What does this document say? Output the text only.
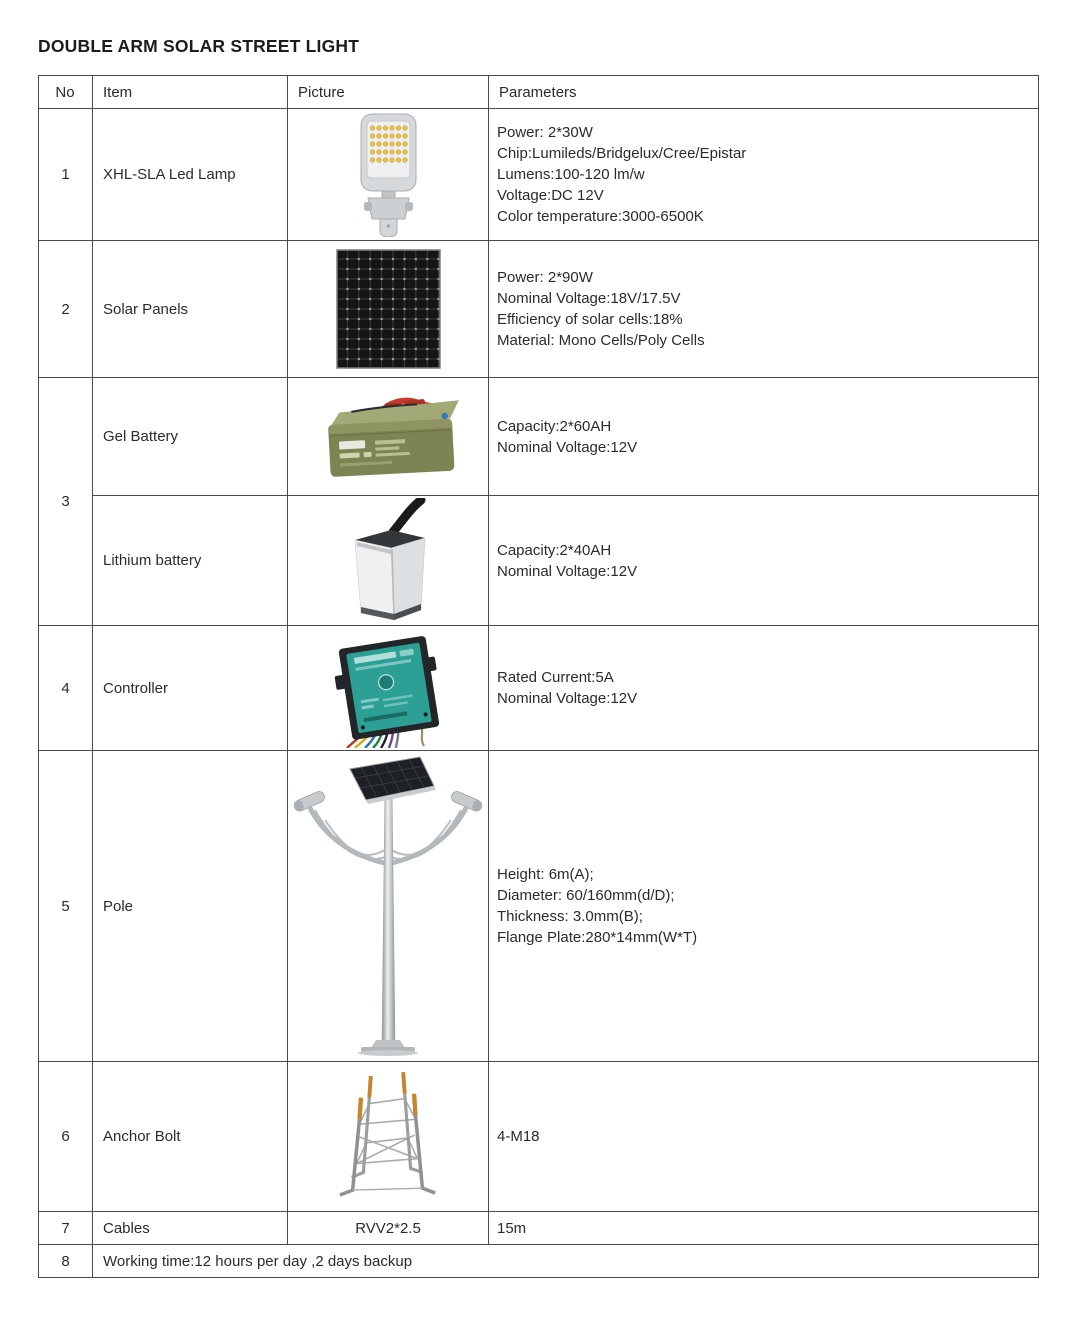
DOUBLE ARM SOLAR STREET LIGHT
No	Item	Picture	Parameters
1	XHL-SLA Led Lamp		Power: 2*30W
Chip:Lumileds/Bridgelux/Cree/Epistar
Lumens:100-120 lm/w
Voltage:DC 12V
Color temperature:3000-6500K

2	Solar Panels		Power: 2*90W
Nominal Voltage:18V/17.5V
Efficiency of solar cells:18%
Material: Mono Cells/Poly Cells

3	Gel Battery		Capacity:2*60AH
Nominal Voltage:12V

	Lithium battery		Capacity:2*40AH
Nominal Voltage:12V

4	Controller		Rated Current:5A
Nominal Voltage:12V

5	Pole		Height: 6m(A);
Diameter: 60/160mm(d/D);
Thickness: 3.0mm(B);
Flange Plate:280*14mm(W*T)

6	Anchor Bolt		4-M18

7	Cables	RVV2*2.5	15m

8	Working time:12 hours per day ,2 days backup		
